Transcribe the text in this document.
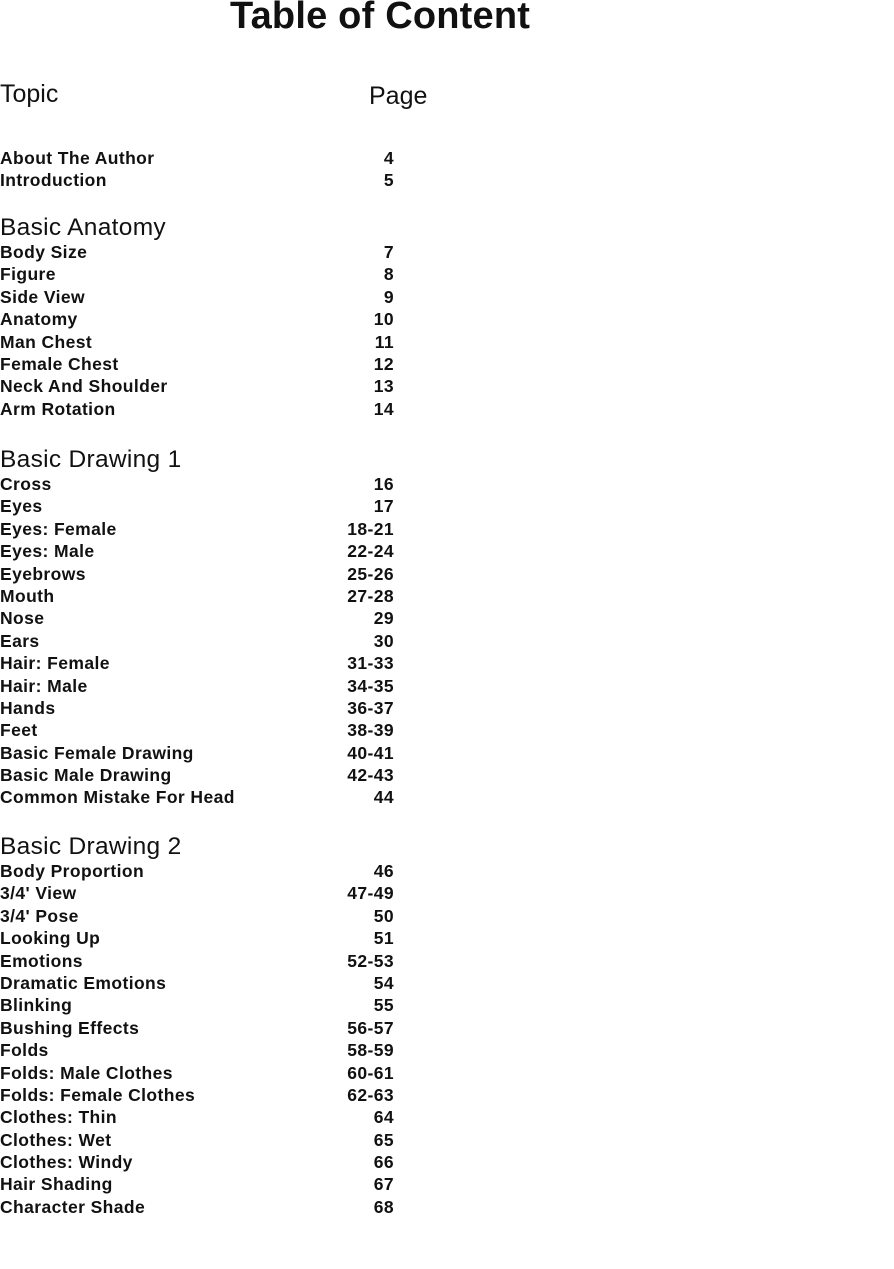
Table of Content
Topic	Page
About The Author	4
Introduction	5
Basic Anatomy
Body Size	7
Figure	8
Side View	9
Anatomy	10
Man Chest	11
Female Chest	12
Neck And Shoulder	13
Arm Rotation	14
Basic Drawing 1
Cross	16
Eyes	17
Eyes: Female	18-21
Eyes: Male	22-24
Eyebrows	25-26
Mouth	27-28
Nose	29
Ears	30
Hair: Female	31-33
Hair: Male	34-35
Hands	36-37
Feet	38-39
Basic Female Drawing	40-41
Basic Male Drawing	42-43
Common Mistake For Head	44
Basic Drawing 2
Body Proportion	46
3/4' View	47-49
3/4' Pose	50
Looking Up	51
Emotions	52-53
Dramatic Emotions	54
Blinking	55
Bushing Effects	56-57
Folds	58-59
Folds: Male Clothes	60-61
Folds: Female Clothes	62-63
Clothes: Thin	64
Clothes: Wet	65
Clothes: Windy	66
Hair Shading	67
Character Shade	68
